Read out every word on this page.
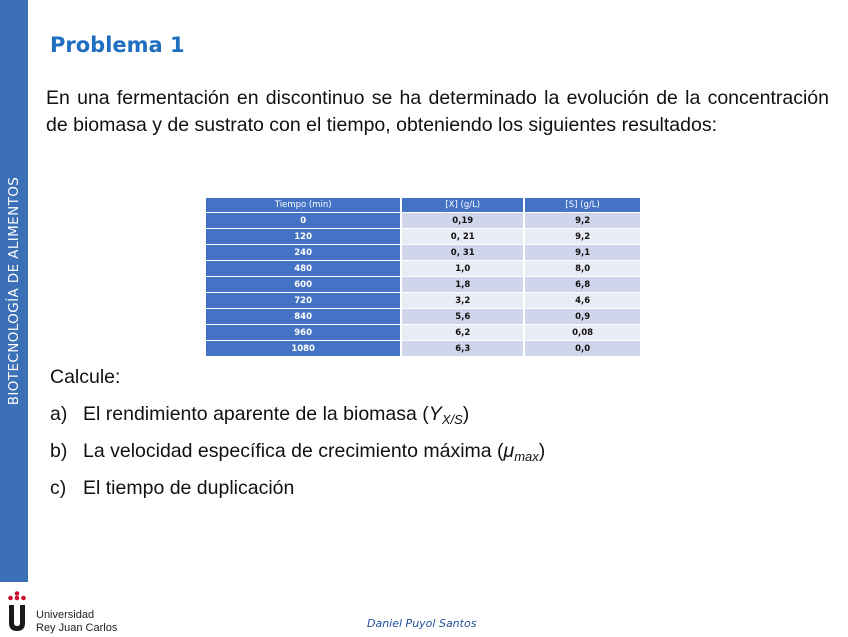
BIOTECNOLOGÍA DE ALIMENTOS
Problema 1
En una fermentación en discontinuo se ha determinado la evolución de la concentración de biomasa y de sustrato con el tiempo, obteniendo los siguientes resultados:
Tiempo (min)	[X] (g/L)	[S] (g/L)
0	0,19	9,2
120	0, 21	9,2
240	0, 31	9,1
480	1,0	8,0
600	1,8	6,8
720	3,2	4,6
840	5,6	0,9
960	6,2	0,08
1080	6,3	0,0
Calcule:
a) El rendimiento aparente de la biomasa $(Y_{X/S})$
b) La velocidad específica de crecimiento máxima $(\mu_{max})$
c) El tiempo de duplicación
Universidad
Rey Juan Carlos	Daniel Puyol Santos
